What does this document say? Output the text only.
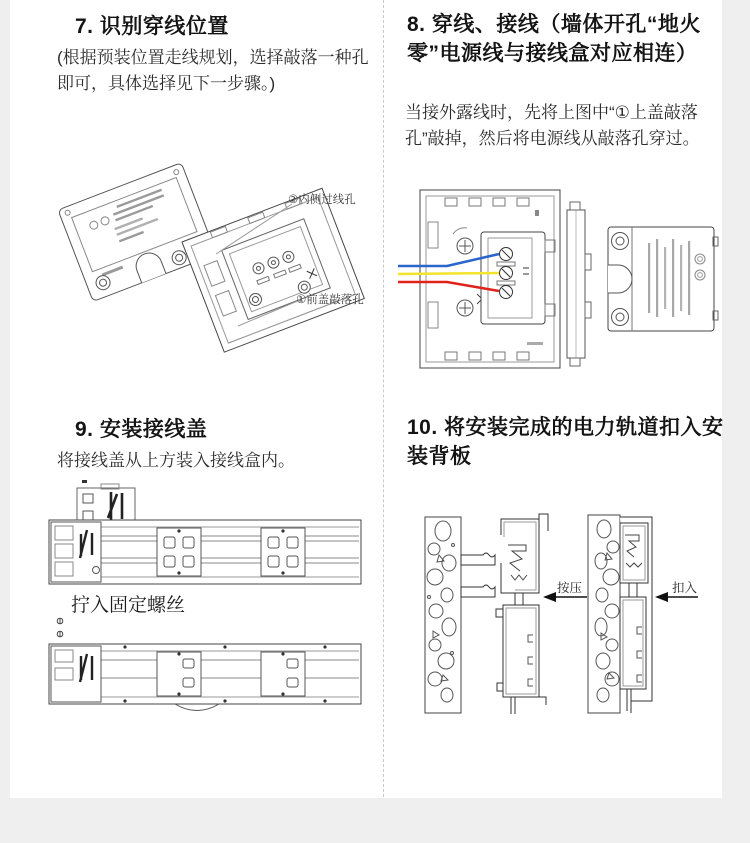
7. 识别穿线位置

(根据预装位置走线规划，选择敲落一种孔即可，具体选择见下一步骤。)

②内侧过线孔
①前盖敲落孔
8. 穿线、接线（墙体开孔“地火零”电源线与接线盒对应相连）

当接外露线时，先将上图中“①上盖敲落孔”敲掉，然后将电源线从敲落孔穿过。

9. 安装接线盖

将接线盖从上方装入接线盒内。

拧入固定螺丝
10. 将安装完成的电力轨道扣入安装背板
按压	扣入
